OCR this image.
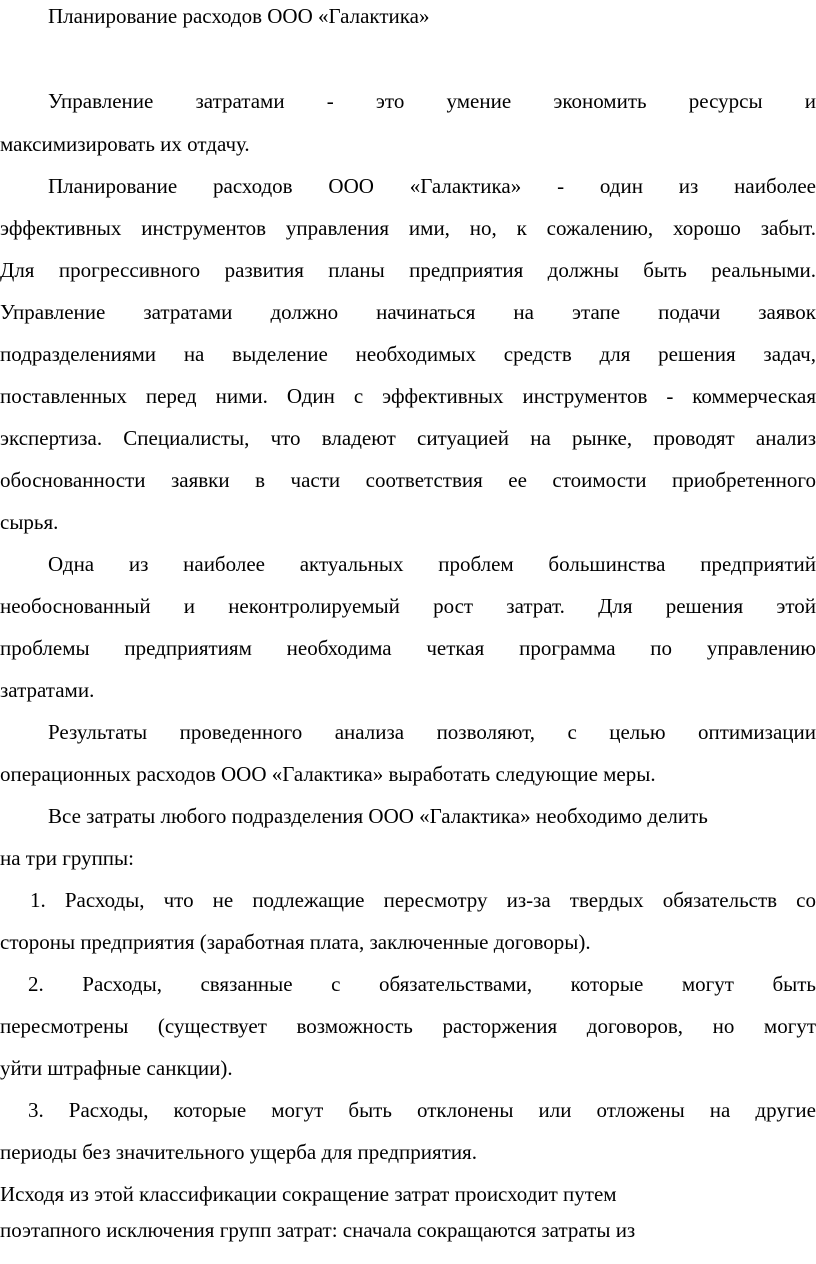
Планирование расходов ООО «Галактика»
Управление затратами - это умение экономить ресурсы и
максимизировать их отдачу.
Планирование расходов ООО «Галактика» - один из наиболее
эффективных инструментов управления ими, но, к сожалению, хорошо забыт.
Для прогрессивного развития планы предприятия должны быть реальными.
Управление затратами должно начинаться на этапе подачи заявок
подразделениями на выделение необходимых средств для решения задач,
поставленных перед ними. Один с эффективных инструментов - коммерческая
экспертиза. Специалисты, что владеют ситуацией на рынке, проводят анализ
обоснованности заявки в части соответствия ее стоимости приобретенного
сырья.
Одна из наиболее актуальных проблем большинства предприятий
необоснованный и неконтролируемый рост затрат. Для решения этой
проблемы предприятиям необходима четкая программа по управлению
затратами.
Результаты проведенного анализа позволяют, с целью оптимизации
операционных расходов ООО «Галактика» выработать следующие меры.
Все затраты любого подразделения ООО «Галактика» необходимо делить
на три группы:
1. Расходы, что не подлежащие пересмотру из-за твердых обязательств со
стороны предприятия (заработная плата, заключенные договоры).
2. Расходы, связанные с обязательствами, которые могут быть
пересмотрены (существует возможность расторжения договоров, но могут
уйти штрафные санкции).
3. Расходы, которые могут быть отклонены или отложены на другие
периоды без значительного ущерба для предприятия.
Исходя из этой классификации сокращение затрат происходит путем
поэтапного исключения групп затрат: сначала сокращаются затраты из
